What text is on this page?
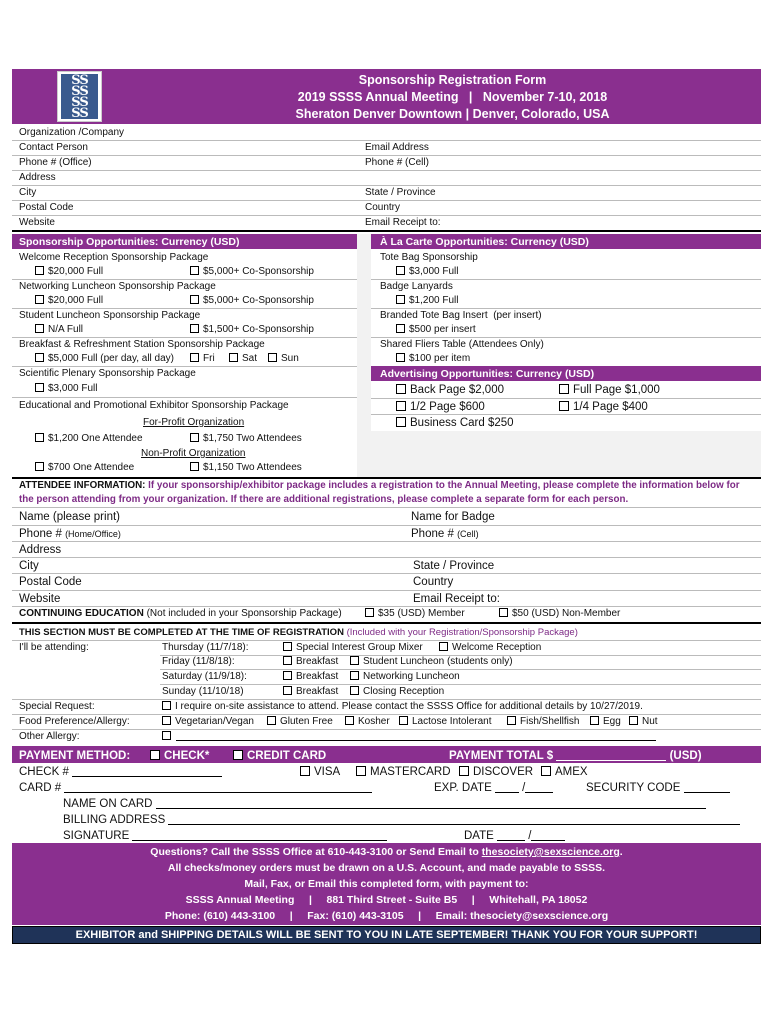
SS
SS
SS
SS
Sponsorship Registration Form
2019 SSSS Annual Meeting   |   November 7-10, 2018
Sheraton Denver Downtown | Denver, Colorado, USA
Organization /Company
Contact Person	Email Address
Phone # (Office)	Phone # (Cell)
Address
City	State / Province
Postal Code	Country
Website	Email Receipt to:
Sponsorship Opportunities: Currency (USD)	À La Carte Opportunities: Currency (USD)
Welcome Reception Sponsorship Package
$20,000 Full	$5,000+ Co-Sponsorship
Networking Luncheon Sponsorship Package
$20,000 Full	$5,000+ Co-Sponsorship
Student Luncheon Sponsorship Package
N/A Full	$1,500+ Co-Sponsorship
Breakfast & Refreshment Station Sponsorship Package
$5,000 Full (per day, all day)	Fri	Sat	Sun
Scientific Plenary Sponsorship Package
$3,000 Full
Educational and Promotional Exhibitor Sponsorship Package
For-Profit Organization
$1,200 One Attendee	$1,750 Two Attendees
Non-Profit Organization
$700 One Attendee	$1,150 Two Attendees
Tote Bag Sponsorship
$3,000 Full
Badge Lanyards
$1,200 Full
Branded Tote Bag Insert  (per insert)
$500 per insert
Shared Fliers Table (Attendees Only)
$100 per item
Advertising Opportunities: Currency (USD)
Back Page $2,000	Full Page $1,000
1/2 Page $600	1/4 Page $400
Business Card $250
ATTENDEE INFORMATION: If your sponsorship/exhibitor package includes a registration to the Annual Meeting, please complete the information below for
the person attending from your organization. If there are additional registrations, please complete a separate form for each person.
Name (please print)	Name for Badge
Phone # (Home/Office)	Phone # (Cell)
Address
City	State / Province
Postal Code	Country
Website	Email Receipt to:
CONTINUING EDUCATION (Not included in your Sponsorship Package)	$35 (USD) Member	$50 (USD) Non-Member
THIS SECTION MUST BE COMPLETED AT THE TIME OF REGISTRATION (Included with your Registration/Sponsorship Package)
I'll be attending:	Thursday (11/7/18):	Special Interest Group Mixer	Welcome Reception
Friday (11/8/18):	Breakfast	Student Luncheon (students only)
Saturday (11/9/18):	Breakfast	Networking Luncheon
Sunday (11/10/18)	Breakfast	Closing Reception
Special Request:	I require on-site assistance to attend. Please contact the SSSS Office for additional details by 10/27/2019.
Food Preference/Allergy:	Vegetarian/Vegan	Gluten Free	Kosher	Lactose Intolerant	Fish/Shellfish	Egg	Nut
Other Allergy:
PAYMENT METHOD:	CHECK*	CREDIT CARD	PAYMENT TOTAL $	(USD)
CHECK #	VISA	MASTERCARD	DISCOVER	AMEX
CARD #	EXP. DATE  /	SECURITY CODE
NAME ON CARD
BILLING ADDRESS
SIGNATURE	DATE	/
Questions? Call the SSSS Office at 610-443-3100 or Send Email to thesociety@sexscience.org.
All checks/money orders must be drawn on a U.S. Account, and made payable to SSSS.
Mail, Fax, or Email this completed form, with payment to:
SSSS Annual Meeting     |     881 Third Street - Suite B5     |     Whitehall, PA 18052
Phone: (610) 443-3100     |     Fax: (610) 443-3105     |     Email: thesociety@sexscience.org
EXHIBITOR and SHIPPING DETAILS WILL BE SENT TO YOU IN LATE SEPTEMBER! THANK YOU FOR YOUR SUPPORT!
